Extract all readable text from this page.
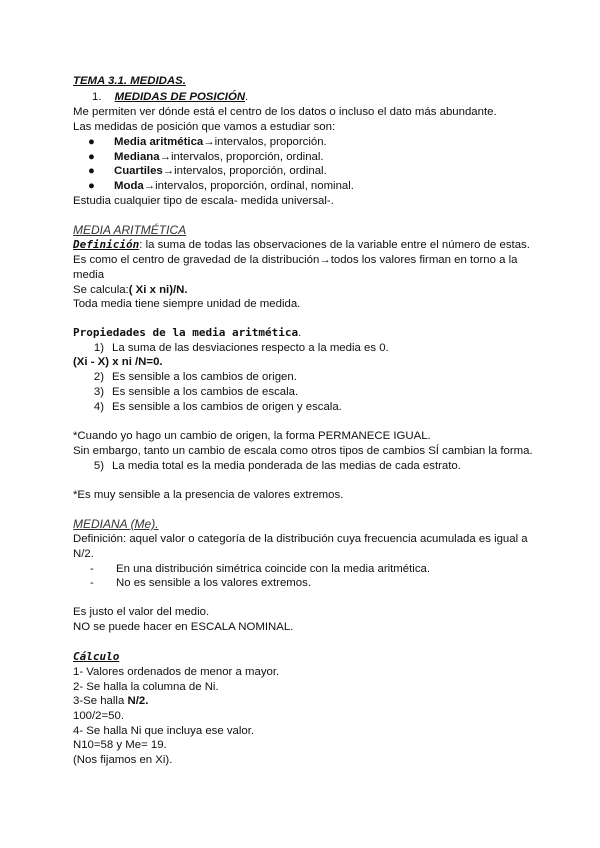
TEMA 3.1. MEDIDAS.
1. MEDIDAS DE POSICIÓN.
Me permiten ver dónde está el centro de los datos o incluso el dato más abundante.
Las medidas de posición que vamos a estudiar son:
● Media aritmética→intervalos, proporción.
● Mediana→intervalos, proporción, ordinal.
● Cuartiles→intervalos, proporción, ordinal.
● Moda→intervalos, proporción, ordinal, nominal.
Estudia cualquier tipo de escala- medida universal-.
MEDIA ARITMÉTICA
Definición: la suma de todas las observaciones de la variable entre el número de estas.
Es como el centro de gravedad de la distribución→todos los valores firman en torno a la
media
Se calcula:( Xi x ni)/N.
Toda media tiene siempre unidad de medida.
Propiedades de la media aritmética.
1) La suma de las desviaciones respecto a la media es 0.
(Xi - X) x ni /N=0.
2) Es sensible a los cambios de origen.
3) Es sensible a los cambios de escala.
4) Es sensible a los cambios de origen y escala.
*Cuando yo hago un cambio de origen, la forma PERMANECE IGUAL.
Sin embargo, tanto un cambio de escala como otros tipos de cambios SÍ cambian la forma.
5) La media total es la media ponderada de las medias de cada estrato.
*Es muy sensible a la presencia de valores extremos.
MEDIANA (Me).
Definición: aquel valor o categoría de la distribución cuya frecuencia acumulada es igual a
N/2.
- En una distribución simétrica coincide con la media aritmética.
- No es sensible a los valores extremos.
Es justo el valor del medio.
NO se puede hacer en ESCALA NOMINAL.
Cálculo
1- Valores ordenados de menor a mayor.
2- Se halla la columna de Ni.
3-Se halla N/2.
100/2=50.
4- Se halla Ni que incluya ese valor.
N10=58 y Me= 19.
(Nos fijamos en Xi).
